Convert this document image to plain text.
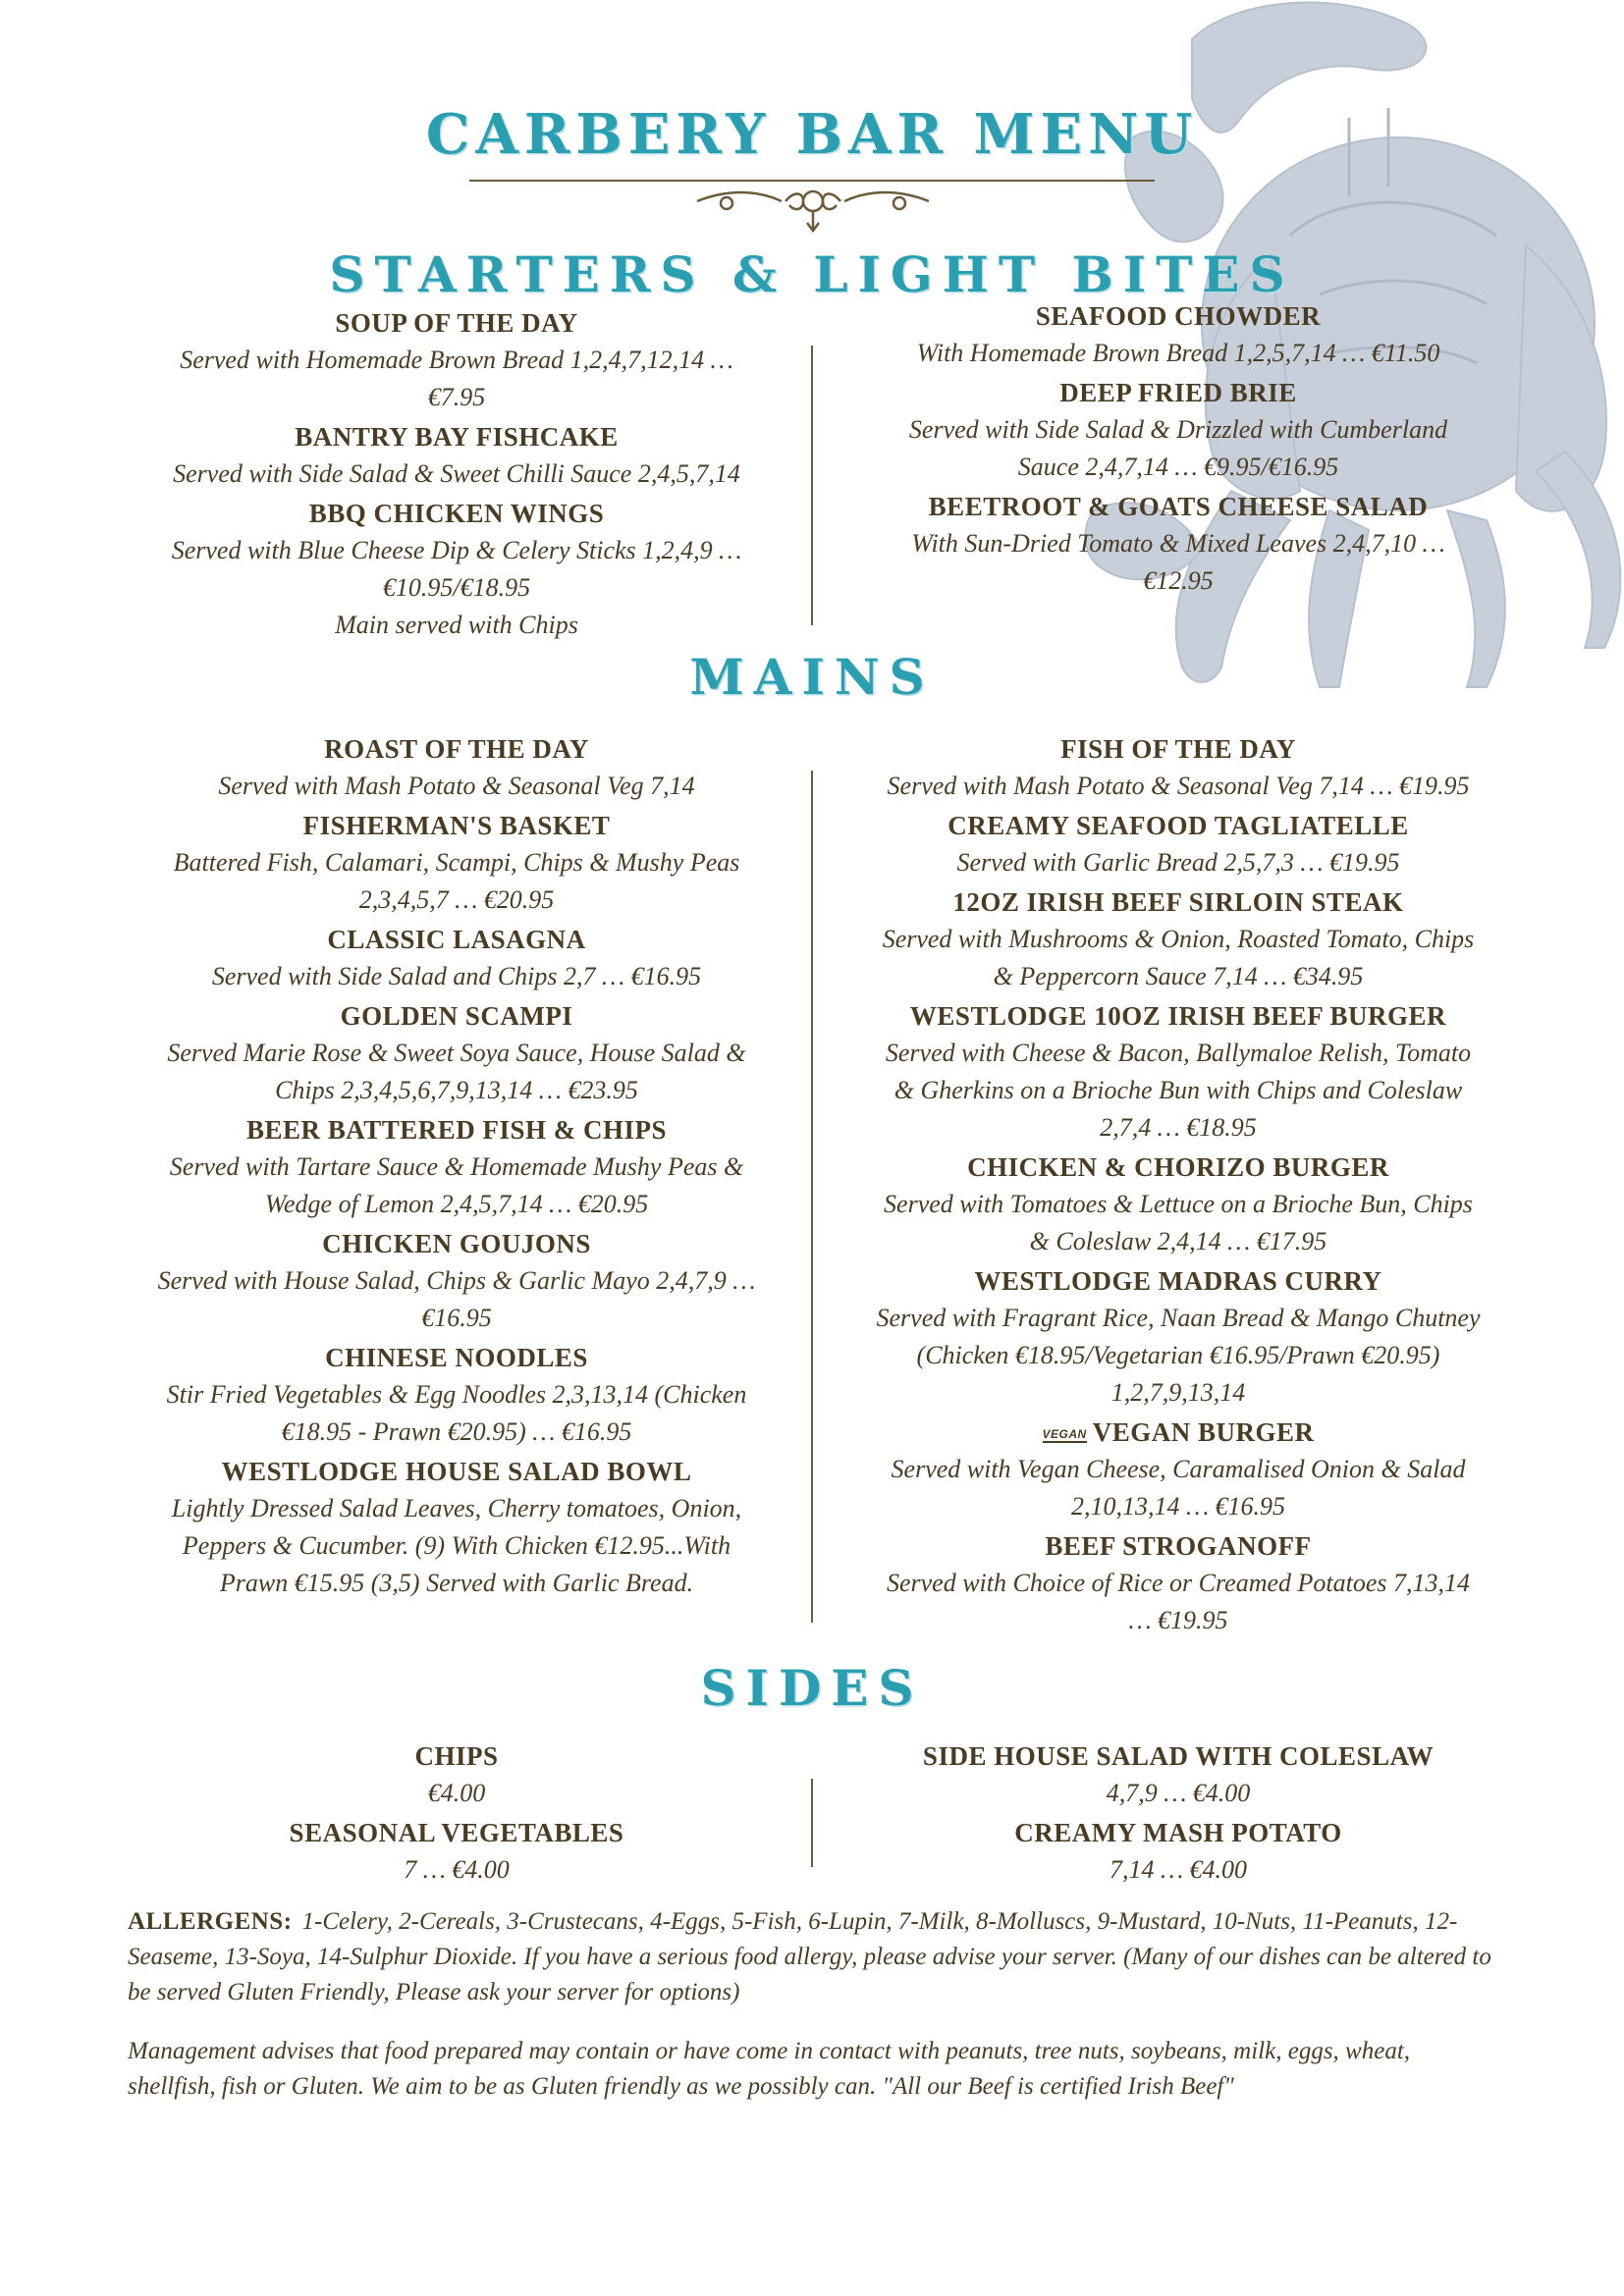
CARBERY BAR MENU
STARTERS & LIGHT BITES
SOUP OF THE DAY
Served with Homemade Brown Bread 1,2,4,7,12,14 …
€7.95
BANTRY BAY FISHCAKE
Served with Side Salad & Sweet Chilli Sauce 2,4,5,7,14
BBQ CHICKEN WINGS
Served with Blue Cheese Dip & Celery Sticks 1,2,4,9 …
€10.95/€18.95
Main served with Chips
SEAFOOD CHOWDER
With Homemade Brown Bread 1,2,5,7,14 … €11.50
DEEP FRIED BRIE
Served with Side Salad & Drizzled with Cumberland
Sauce 2,4,7,14 … €9.95/€16.95
BEETROOT & GOATS CHEESE SALAD
With Sun-Dried Tomato & Mixed Leaves 2,4,7,10 …
€12.95
MAINS
ROAST OF THE DAY
Served with Mash Potato & Seasonal Veg 7,14
FISHERMAN'S BASKET
Battered Fish, Calamari, Scampi, Chips & Mushy Peas
2,3,4,5,7 … €20.95
CLASSIC LASAGNA
Served with Side Salad and Chips 2,7 … €16.95
GOLDEN SCAMPI
Served Marie Rose & Sweet Soya Sauce, House Salad &
Chips 2,3,4,5,6,7,9,13,14 … €23.95
BEER BATTERED FISH & CHIPS
Served with Tartare Sauce & Homemade Mushy Peas &
Wedge of Lemon 2,4,5,7,14 … €20.95
CHICKEN GOUJONS
Served with House Salad, Chips & Garlic Mayo 2,4,7,9 …
€16.95
CHINESE NOODLES
Stir Fried Vegetables & Egg Noodles 2,3,13,14 (Chicken
€18.95 - Prawn €20.95) … €16.95
WESTLODGE HOUSE SALAD BOWL
Lightly Dressed Salad Leaves, Cherry tomatoes, Onion,
Peppers & Cucumber. (9) With Chicken €12.95...With
Prawn €15.95 (3,5) Served with Garlic Bread.
FISH OF THE DAY
Served with Mash Potato & Seasonal Veg 7,14 … €19.95
CREAMY SEAFOOD TAGLIATELLE
Served with Garlic Bread 2,5,7,3 … €19.95
12OZ IRISH BEEF SIRLOIN STEAK
Served with Mushrooms & Onion, Roasted Tomato, Chips
& Peppercorn Sauce 7,14 … €34.95
WESTLODGE 10OZ IRISH BEEF BURGER
Served with Cheese & Bacon, Ballymaloe Relish, Tomato
& Gherkins on a Brioche Bun with Chips and Coleslaw
2,7,4 … €18.95
CHICKEN & CHORIZO BURGER
Served with Tomatoes & Lettuce on a Brioche Bun, Chips
& Coleslaw 2,4,14 … €17.95
WESTLODGE MADRAS CURRY
Served with Fragrant Rice, Naan Bread & Mango Chutney
(Chicken €18.95/Vegetarian €16.95/Prawn €20.95)
1,2,7,9,13,14
VEGAN VEGAN BURGER
Served with Vegan Cheese, Caramalised Onion & Salad
2,10,13,14 … €16.95
BEEF STROGANOFF
Served with Choice of Rice or Creamed Potatoes 7,13,14
… €19.95
SIDES
CHIPS
€4.00
SEASONAL VEGETABLES
7 … €4.00
SIDE HOUSE SALAD WITH COLESLAW
4,7,9 … €4.00
CREAMY MASH POTATO
7,14 … €4.00
ALLERGENS: 1-Celery, 2-Cereals, 3-Crustecans, 4-Eggs, 5-Fish, 6-Lupin, 7-Milk, 8-Molluscs, 9-Mustard, 10-Nuts, 11-Peanuts, 12-Seaseme, 13-Soya, 14-Sulphur Dioxide. If you have a serious food allergy, please advise your server. (Many of our dishes can be altered to be served Gluten Friendly, Please ask your server for options)
Management advises that food prepared may contain or have come in contact with peanuts, tree nuts, soybeans, milk, eggs, wheat, shellfish, fish or Gluten. We aim to be as Gluten friendly as we possibly can. "All our Beef is certified Irish Beef"
